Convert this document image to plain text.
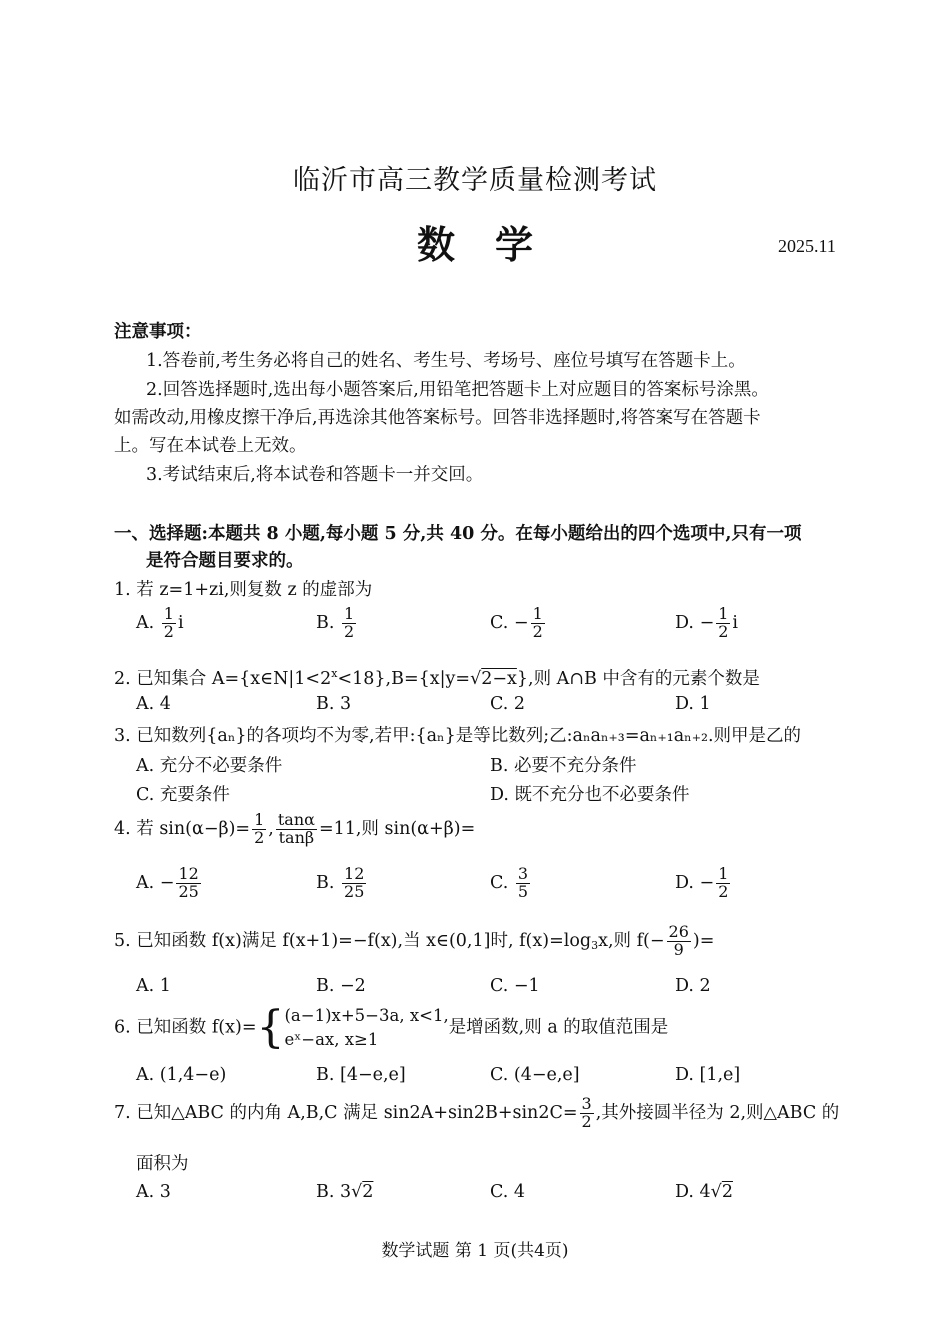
临沂市高三教学质量检测考试
数学	2025.11
注意事项：
1.答卷前,考生务必将自己的姓名、考生号、考场号、座位号填写在答题卡上。
2.回答选择题时,选出每小题答案后,用铅笔把答题卡上对应题目的答案标号涂黑。
如需改动,用橡皮擦干净后,再选涂其他答案标号。回答非选择题时,将答案写在答题卡
上。写在本试卷上无效。
3.考试结束后,将本试卷和答题卡一并交回。
一、选择题:本题共 8 小题,每小题 5 分,共 40 分。在每小题给出的四个选项中,只有一项
是符合题目要求的。
1. 若 z=1+zi,则复数 z 的虚部为
A. $\frac{1}{2}$ i	B. $\frac{1}{2}$	C. − $\frac{1}{2}$	D. − $\frac{1}{2}$ i
2. 已知集合 $A=\{x\in N|1<2^x<18\},B=\{x|y=√2-x\}$,则 A∩B 中含有的元素个数是
A. 4	B. 3	C. 2	D. 1
3. 已知数列{aₙ}的各项均不为零,若甲:{aₙ}是等比数列;乙:aₙaₙ₊₃=aₙ₊₁aₙ₊₂.则甲是乙的
A. 充分不必要条件	B. 必要不充分条件
C. 充要条件	D. 既不充分也不必要条件
4. 若 $\sin(\alpha-\beta)= \frac{1}{2}$ , $\frac{\tan\alpha}{\tan\beta} =11$,则 sin(α+β)=
A. − $\frac{12}{25}$	B. $\frac{12}{25}$	C. $\frac{3}{5}$	D. − $\frac{1}{2}$
5. 已知函数 f(x)满足 f(x+1)=−f(x),当 x∈(0,1]时, $f(x)=\log_3x$,则 $f(- \frac{26}{9}$ )=
A. 1	B. −2	C. −1	D. 2
6. 已知函数 f(x)={ (a−1)x+5−3a, x<1,
eˣ−ax, x≥1
是增函数,则 a 的取值范围是
A. (1,4−e)	B. [4−e,e]	C. (4−e,e]	D. [1,e]
7. 已知△ABC 的内角 A,B,C 满足 $\sin 2A+\sin 2B+\sin 2C= \frac{3}{2}$ ,其外接圆半径为 2,则△ABC 的
面积为
A. 3	B. 3√2	C. 4	D. 4√2
数学试题 第 1 页(共4页)
